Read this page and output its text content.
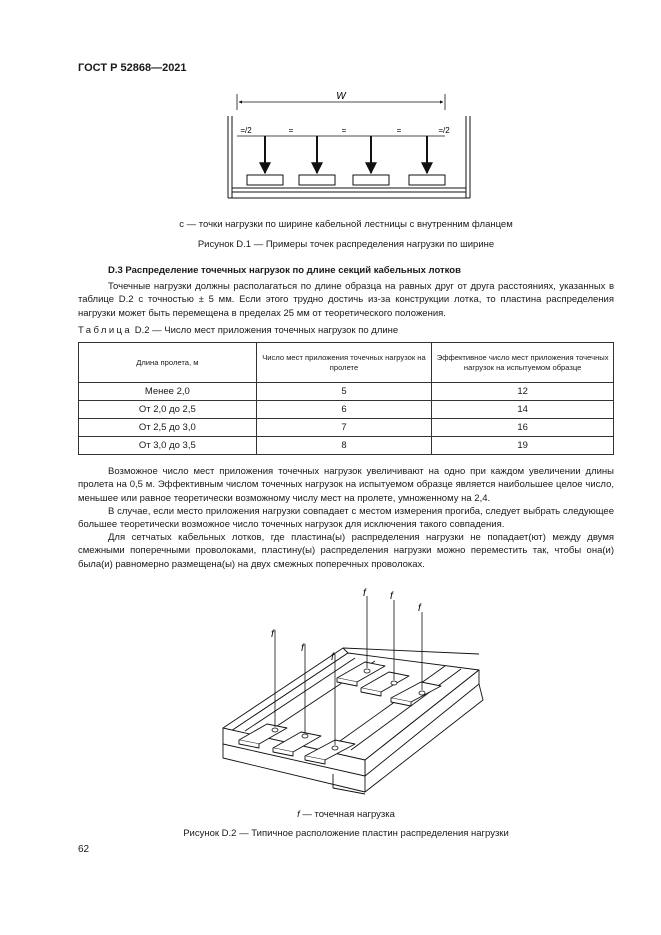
ГОСТ Р 52868—2021
W
=/2	=	=	=	=/2
c — точки нагрузки по ширине кабельной лестницы с внутренним фланцем
Рисунок D.1 — Примеры точек распределения нагрузки по ширине
D.3 Распределение точечных нагрузок по длине секций кабельных лотков
Точечные нагрузки должны располагаться по длине образца на равных друг от друга расстояниях, указанных в таблице D.2 с точностью ± 5 мм. Если этого трудно достичь из-за конструкции лотка, то пластина распределения нагрузки может быть перемещена в пределах 25 мм от теоретического положения.
Таблица D.2 — Число мест приложения точечных нагрузок по длине
Длина пролета, м	Число мест приложения точечных нагрузок на пролете	Эффективное число мест приложения точечных нагрузок на испытуемом образце
Менее 2,0	5	12
От 2,0 до 2,5	6	14
От 2,5 до 3,0	7	16
От 3,0 до 3,5	8	19
Возможное число мест приложения точечных нагрузок увеличивают на одно при каждом увеличении длины пролета на 0,5 м. Эффективным числом точечных нагрузок на испытуемом образце является наибольшее целое число, меньшее или равное теоретически возможному числу мест на пролете, умноженному на 2,4.
В случае, если место приложения нагрузки совпадает с местом измерения прогиба, следует выбрать следующее большее теоретически возможное число точечных нагрузок для исключения такого совпадения.
Для сетчатых кабельных лотков, где пластина(ы) распределения нагрузки не попадает(ют) между двумя смежными поперечными проволоками, пластину(ы) распределения нагрузки можно переместить так, чтобы она(и) была(и) равномерно размещена(ы) на двух смежных поперечных проволоках.
f
f
f
f f
f
f — точечная нагрузка
Рисунок D.2 — Типичное расположение пластин распределения нагрузки
62
